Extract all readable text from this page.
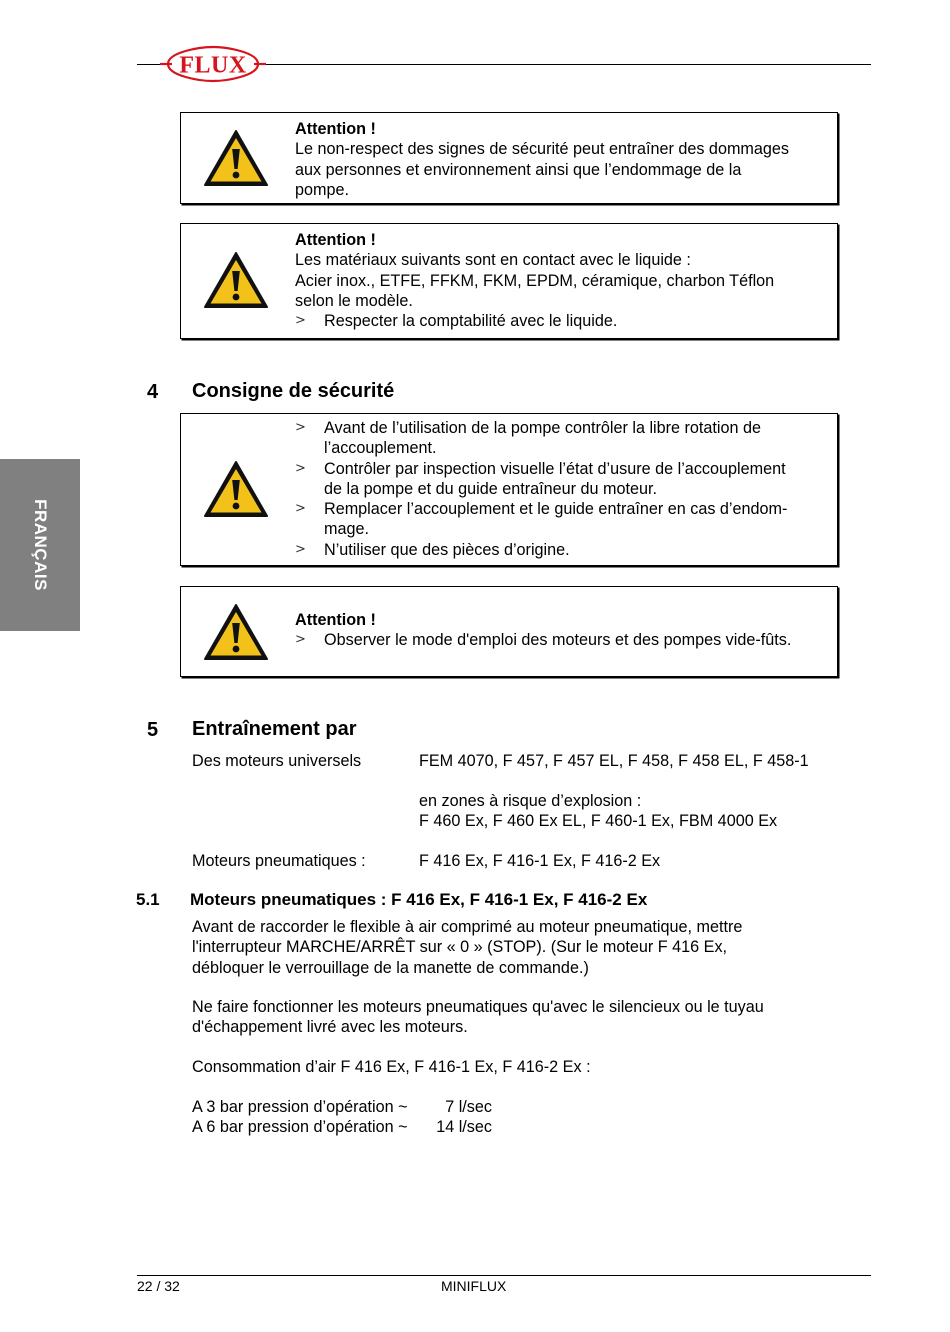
FLUX
FRANÇAIS
Attention !
Le non-respect des signes de sécurité peut entraîner des dommages
aux personnes et environnement ainsi que l’endommage de la
pompe.
Attention !
Les matériaux suivants sont en contact avec le liquide :
Acier inox., ETFE, FFKM, FKM, EPDM, céramique, charbon Téflon
selon le modèle.
> Respecter la comptabilité avec le liquide.
4 Consigne de sécurité
> Avant de l’utilisation de la pompe contrôler la libre rotation de
l’accouplement.
> Contrôler par inspection visuelle l’état d’usure de l’accouplement
de la pompe et du guide entraîneur du moteur.
> Remplacer l’accouplement et le guide entraîner en cas d’endom-
mage.
> N’utiliser que des pièces d’origine.
Attention !
> Observer le mode d'emploi des moteurs et des pompes vide-fûts.
5 Entraînement par
Des moteurs universels	FEM 4070, F 457, F 457 EL, F 458, F 458 EL, F 458-1
en zones à risque d’explosion :
F 460 Ex, F 460 Ex EL, F 460-1 Ex, FBM 4000 Ex
Moteurs pneumatiques :	F 416 Ex, F 416-1 Ex, F 416-2 Ex
5.1 Moteurs pneumatiques : F 416 Ex, F 416-1 Ex, F 416-2 Ex
Avant de raccorder le flexible à air comprimé au moteur pneumatique, mettre
l'interrupteur MARCHE/ARRÊT sur « 0 » (STOP). (Sur le moteur F 416 Ex,
débloquer le verrouillage de la manette de commande.)
Ne faire fonctionner les moteurs pneumatiques qu'avec le silencieux ou le tuyau
d'échappement livré avec les moteurs.
Consommation d’air F 416 Ex, F 416-1 Ex, F 416-2 Ex :
A 3 bar pression d’opération ~ 7 l/sec
A 6 bar pression d’opération ~ 14 l/sec
22 / 32	MINIFLUX
